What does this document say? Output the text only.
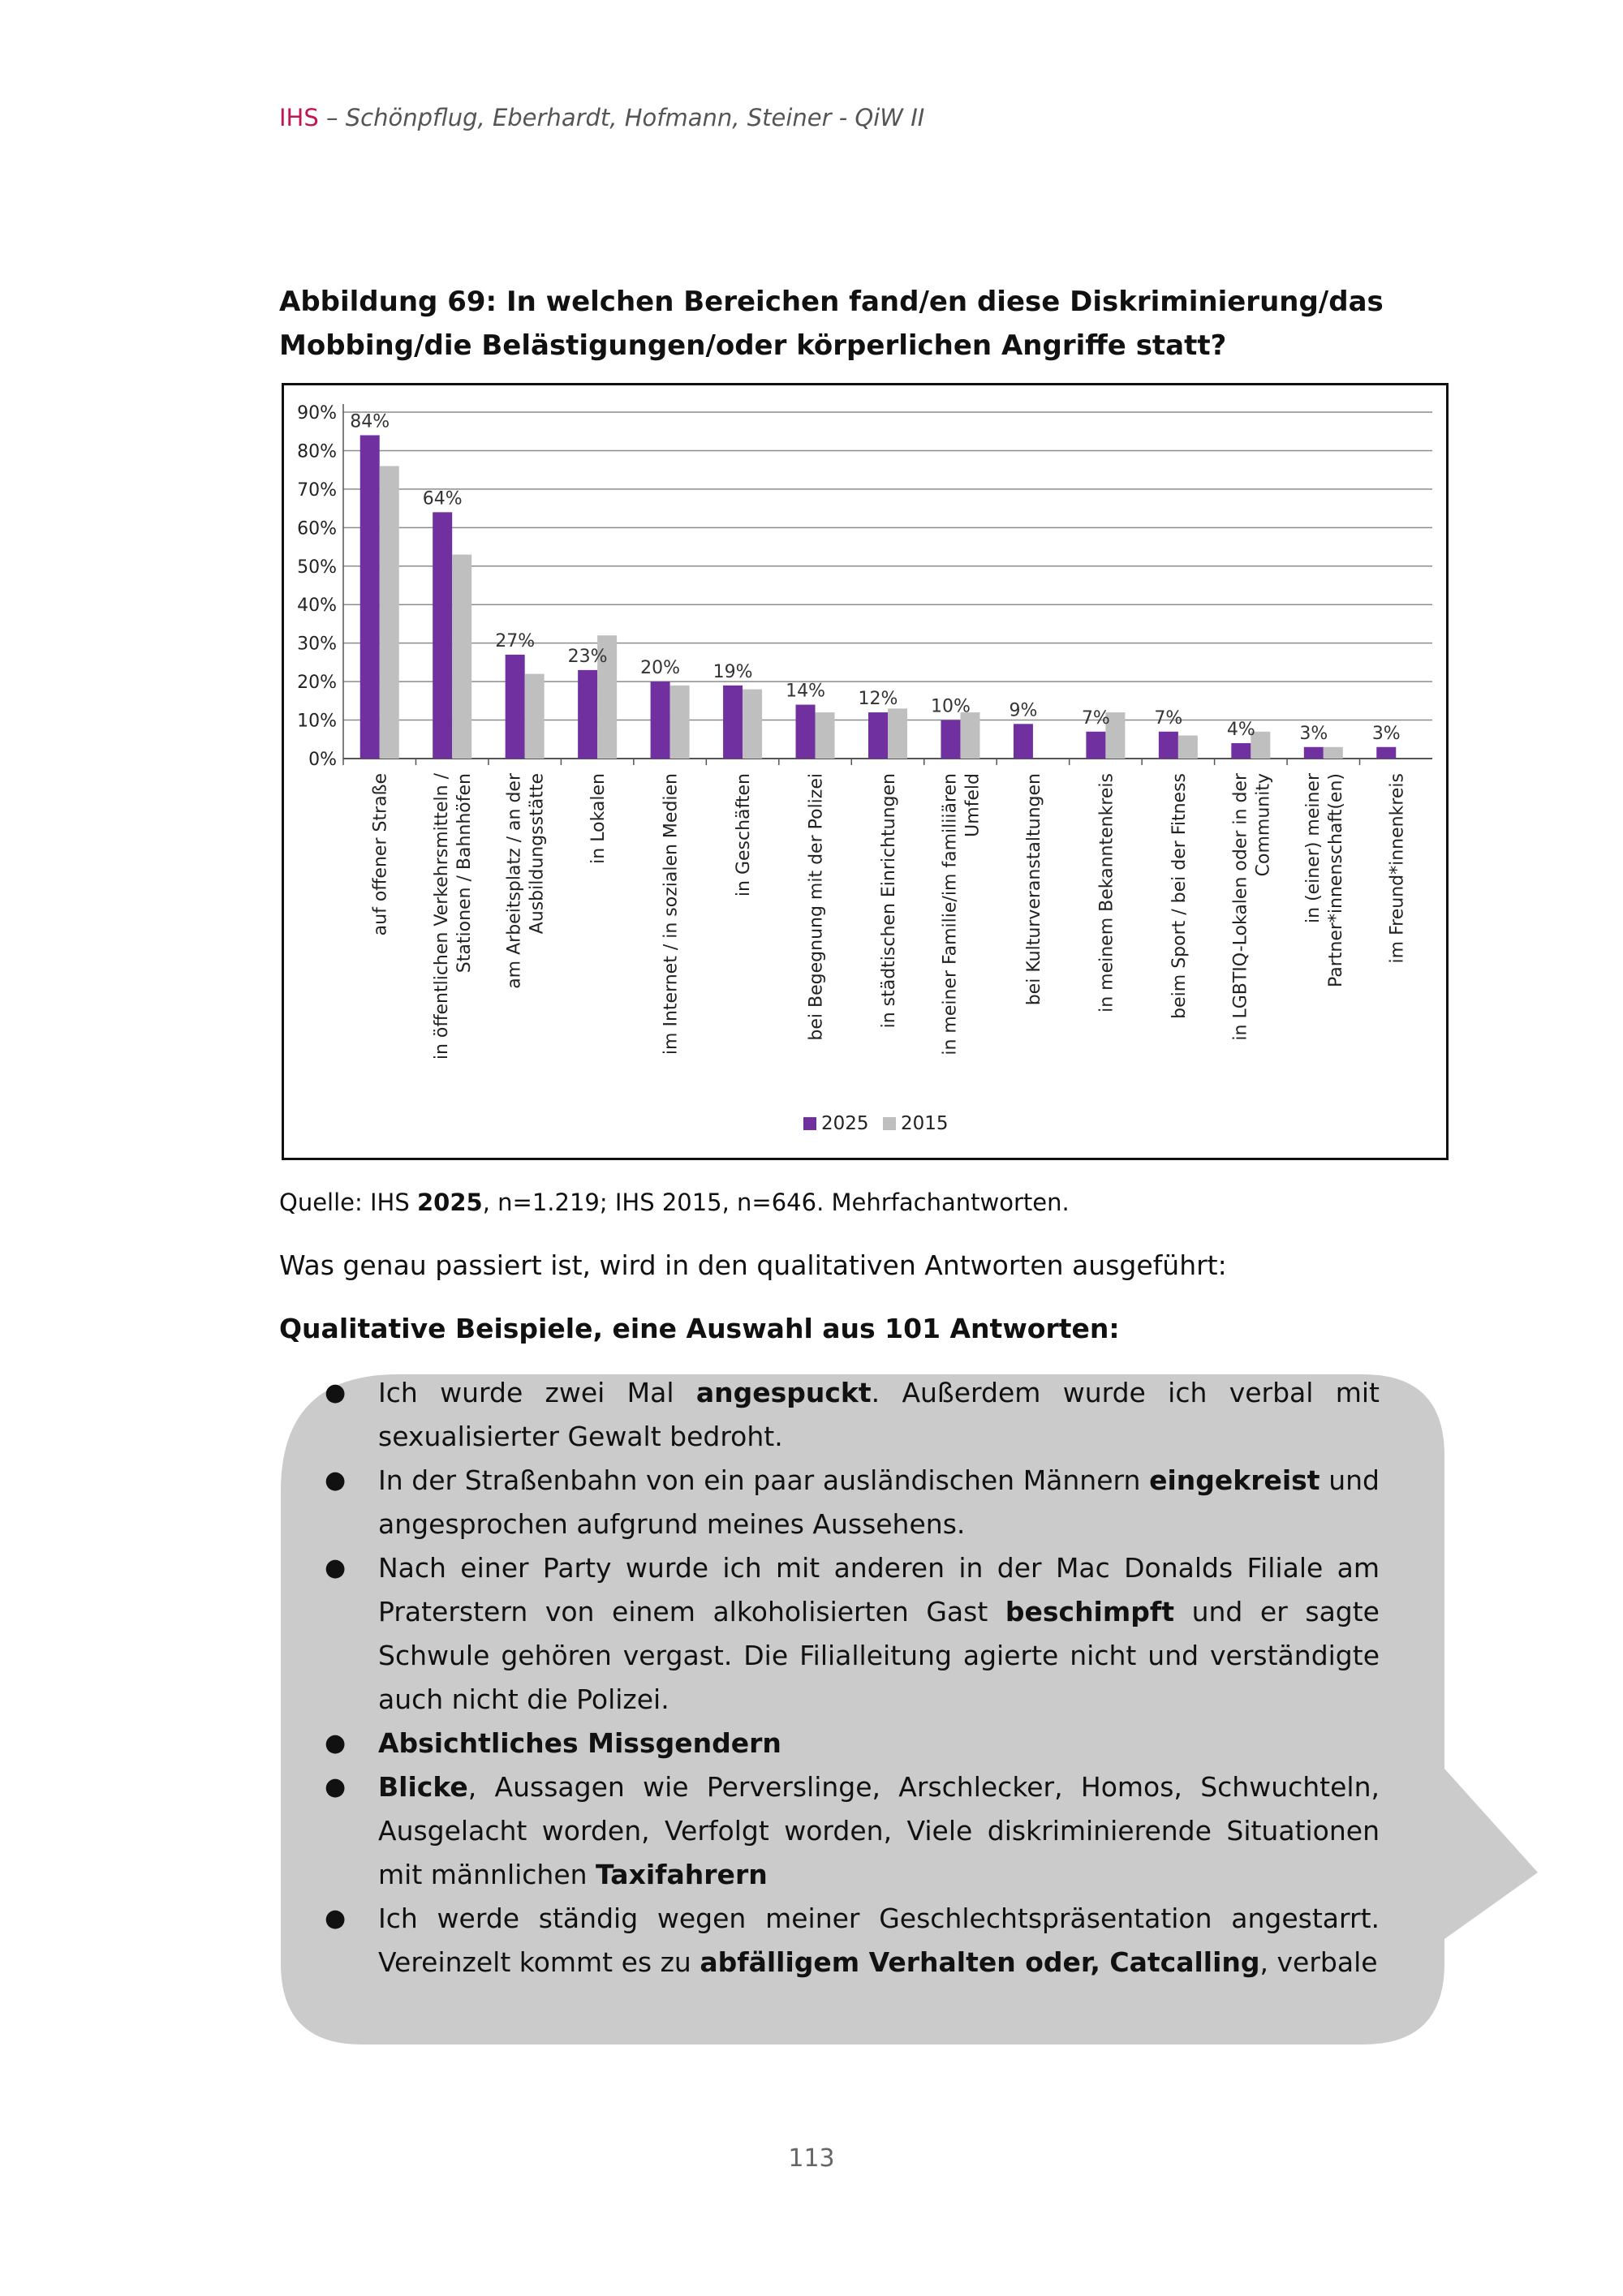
IHS – Schönpflug, Eberhardt, Hofmann, Steiner - QiW II
Abbildung 69: In welchen Bereichen fand/en diese Diskriminierung/das Mobbing/die Belästigungen/oder körperlichen Angriffe statt?
0%
10%
20%
30%
40%
50%
60%
70%
80%
90% 84%
auf offener Straße
64%
in öffentlichen Verkehrsmitteln / Stationen / Bahnhöfen
27%
am Arbeitsplatz / an der Ausbildungsstätte
23%
in Lokalen
20%
im Internet / in sozialen Medien
19%
in Geschäften
14%
bei Begegnung mit der Polizei
12%
in städtischen Einrichtungen
10%
in meiner Familie/im familiiären Umfeld
9%
bei Kulturveranstaltungen
7%
in meinem Bekanntenkreis
7%
beim Sport / bei der Fitness
4%
in LGBTIQ-Lokalen oder in der Community
3%
in (einer) meiner Partner*innenschaft(en)
3%
im Freund*innenkreis
2025 2015
Quelle: IHS 2025, n=1.219; IHS 2015, n=646. Mehrfachantworten.
Was genau passiert ist, wird in den qualitativen Antworten ausgeführt:
Qualitative Beispiele, eine Auswahl aus 101 Antworten:
● Ich wurde zwei Mal angespuckt. Außerdem wurde ich verbal mit sexualisierter Gewalt bedroht.
● In der Straßenbahn von ein paar ausländischen Männern eingekreist und angesprochen aufgrund meines Aussehens.
● Nach einer Party wurde ich mit anderen in der Mac Donalds Filiale am Praterstern von einem alkoholisierten Gast beschimpft und er sagte Schwule gehören vergast. Die Filialleitung agierte nicht und verständigte auch nicht die Polizei.
● Absichtliches Missgendern
● Blicke, Aussagen wie Perverslinge, Arschlecker, Homos, Schwuchteln, Ausgelacht worden, Verfolgt worden, Viele diskriminierende Situationen mit männlichen Taxifahrern
● Ich werde ständig wegen meiner Geschlechtspräsentation angestarrt. Vereinzelt kommt es zu abfälligem Verhalten oder, Catcalling, verbale
113
